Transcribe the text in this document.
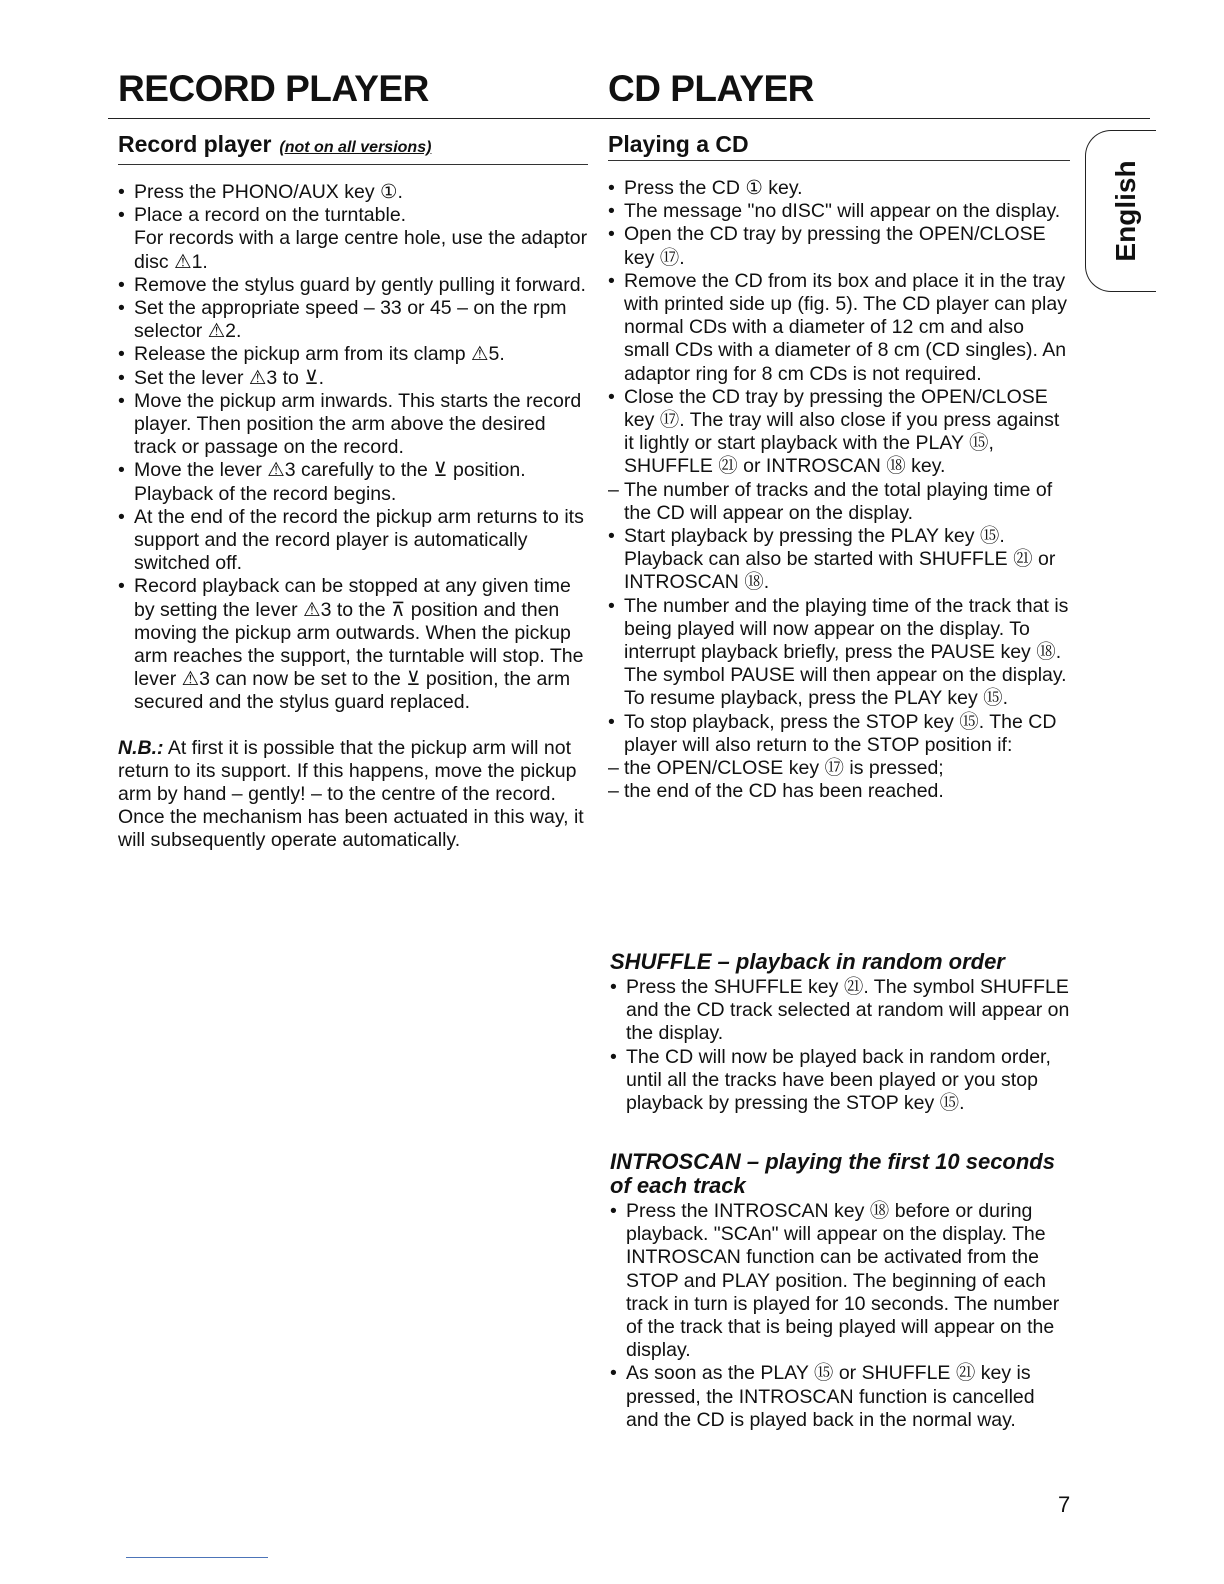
RECORD PLAYER	CD PLAYER
English
Record player (not on all versions)
• Press the PHONO/AUX key ①.
• Place a record on the turntable.
For records with a large centre hole, use the adaptor disc ⚠1.
• Remove the stylus guard by gently pulling it forward.
• Set the appropriate speed – 33 or 45 – on the rpm selector ⚠2.
• Release the pickup arm from its clamp ⚠5.
• Set the lever ⚠3 to ⊻.
• Move the pickup arm inwards. This starts the record player. Then position the arm above the desired track or passage on the record.
• Move the lever ⚠3 carefully to the ⊻ position. Playback of the record begins.
• At the end of the record the pickup arm returns to its support and the record player is automatically switched off.
• Record playback can be stopped at any given time by setting the lever ⚠3 to the ⊼ position and then moving the pickup arm outwards. When the pickup arm reaches the support, the turntable will stop. The lever ⚠3 can now be set to the ⊻ position, the arm secured and the stylus guard replaced.

N.B.: At first it is possible that the pickup arm will not return to its support. If this happens, move the pickup arm by hand – gently! – to the centre of the record. Once the mechanism has been actuated in this way, it will subsequently operate automatically.

Playing a CD
• Press the CD ① key.
• The message "no dISC" will appear on the display.
• Open the CD tray by pressing the OPEN/CLOSE key ⑰.
• Remove the CD from its box and place it in the tray with printed side up (fig. 5). The CD player can play normal CDs with a diameter of 12 cm and also small CDs with a diameter of 8 cm (CD singles). An adaptor ring for 8 cm CDs is not required.
• Close the CD tray by pressing the OPEN/CLOSE key ⑰. The tray will also close if you press against it lightly or start playback with the PLAY ⑮, SHUFFLE ㉑ or INTROSCAN ⑱ key.
– The number of tracks and the total playing time of the CD will appear on the display.
• Start playback by pressing the PLAY key ⑮. Playback can also be started with SHUFFLE ㉑ or INTROSCAN ⑱.
• The number and the playing time of the track that is being played will now appear on the display. To interrupt playback briefly, press the PAUSE key ⑱. The symbol PAUSE will then appear on the display. To resume playback, press the PLAY key ⑮.
• To stop playback, press the STOP key ⑮. The CD player will also return to the STOP position if:
– the OPEN/CLOSE key ⑰ is pressed;
– the end of the CD has been reached.
SHUFFLE – playback in random order
• Press the SHUFFLE key ㉑. The symbol SHUFFLE and the CD track selected at random will appear on the display.
• The CD will now be played back in random order, until all the tracks have been played or you stop playback by pressing the STOP key ⑮.
INTROSCAN – playing the first 10 seconds
of each track
• Press the INTROSCAN key ⑱ before or during playback. "SCAn" will appear on the display. The INTROSCAN function can be activated from the STOP and PLAY position. The beginning of each track in turn is played for 10 seconds. The number of the track that is being played will appear on the display.
• As soon as the PLAY ⑮ or SHUFFLE ㉑ key is pressed, the INTROSCAN function is cancelled and the CD is played back in the normal way.
7
